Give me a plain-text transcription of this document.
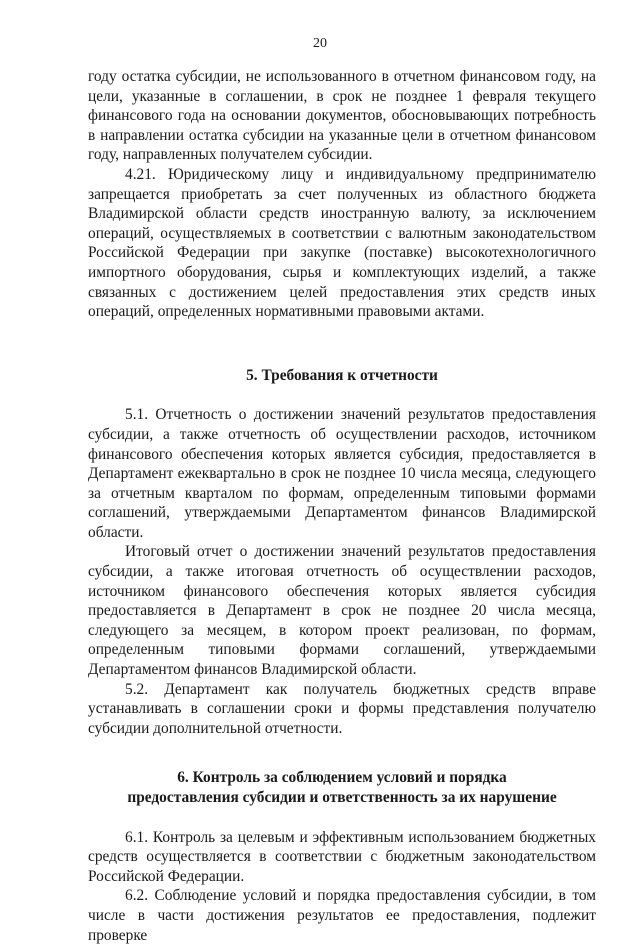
20

году остатка субсидии, не использованного в отчетном финансовом году, на цели, указанные в соглашении, в срок не позднее 1 февраля текущего финансового года на основании документов, обосновывающих потребность в направлении остатка субсидии на указанные цели в отчетном финансовом году, направленных получателем субсидии.

4.21. Юридическому лицу и индивидуальному предпринимателю запрещается приобретать за счет полученных из областного бюджета Владимирской области средств иностранную валюту, за исключением операций, осуществляемых в соответствии с валютным законодательством Российской Федерации при закупке (поставке) высокотехнологичного импортного оборудования, сырья и комплектующих изделий, а также связанных с достижением целей предоставления этих средств иных операций, определенных нормативными правовыми актами.

5. Требования к отчетности

5.1. Отчетность о достижении значений результатов предоставления субсидии, а также отчетность об осуществлении расходов, источником финансового обеспечения которых является субсидия, предоставляется в Департамент ежеквартально в срок не позднее 10 числа месяца, следующего за отчетным кварталом по формам, определенным типовыми формами соглашений, утверждаемыми Департаментом финансов Владимирской области.

Итоговый отчет о достижении значений результатов предоставления субсидии, а также итоговая отчетность об осуществлении расходов, источником финансового обеспечения которых является субсидия предоставляется в Департамент в срок не позднее 20 числа месяца, следующего за месяцем, в котором проект реализован, по формам, определенным типовыми формами соглашений, утверждаемыми Департаментом финансов Владимирской области.

5.2. Департамент как получатель бюджетных средств вправе устанавливать в соглашении сроки и формы представления получателю субсидии дополнительной отчетности.

6. Контроль за соблюдением условий и порядка
предоставления субсидии и ответственность за их нарушение

6.1. Контроль за целевым и эффективным использованием бюджетных средств осуществляется в соответствии с бюджетным законодательством Российской Федерации.

6.2. Соблюдение условий и порядка предоставления субсидии, в том числе в части достижения результатов ее предоставления, подлежит проверке
